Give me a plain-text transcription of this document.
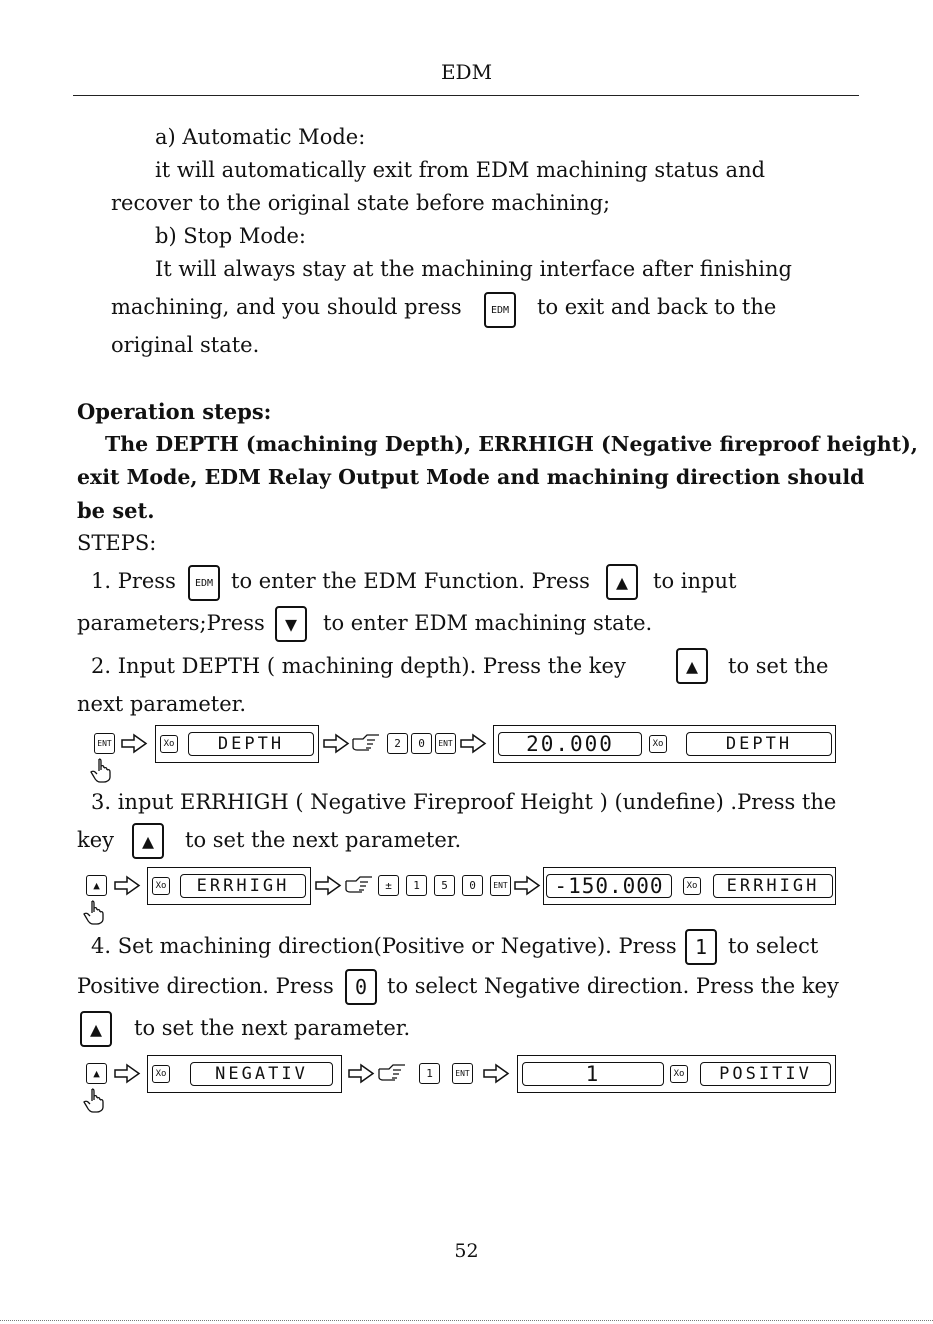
EDM
a) Automatic Mode:
it will automatically exit from EDM machining status and
recover to the original state before machining;
b) Stop Mode:
It will always stay at the machining interface after finishing
machining, and you should press	EDM	to exit and back to the
original state.
Operation steps:
The DEPTH (machining Depth), ERRHIGH (Negative fireproof height),
exit Mode, EDM Relay Output Mode and machining direction should
be set.
STEPS:
1. Press	EDM to enter the EDM Function. Press	▲	to input
parameters;Press	▼	to enter EDM machining state.
2. Input DEPTH ( machining depth). Press the key	▲	to set the
next parameter.
ENT	Xo	DEPTH	2	0	ENT	20.000	Xo	DEPTH
3. input ERRHIGH ( Negative Fireproof Height ) (undefine) .Press the
key	▲	to set the next parameter.
▲	Xo	ERRHIGH	±	1	5	0	ENT	-150.000	Xo	ERRHIGH
4. Set machining direction(Positive or Negative). Press 1 to select
Positive direction. Press	0 to select Negative direction. Press the key
▲	to set the next parameter.
▲	Xo	NEGATIV	1	ENT	1	Xo	POSITIV
52
